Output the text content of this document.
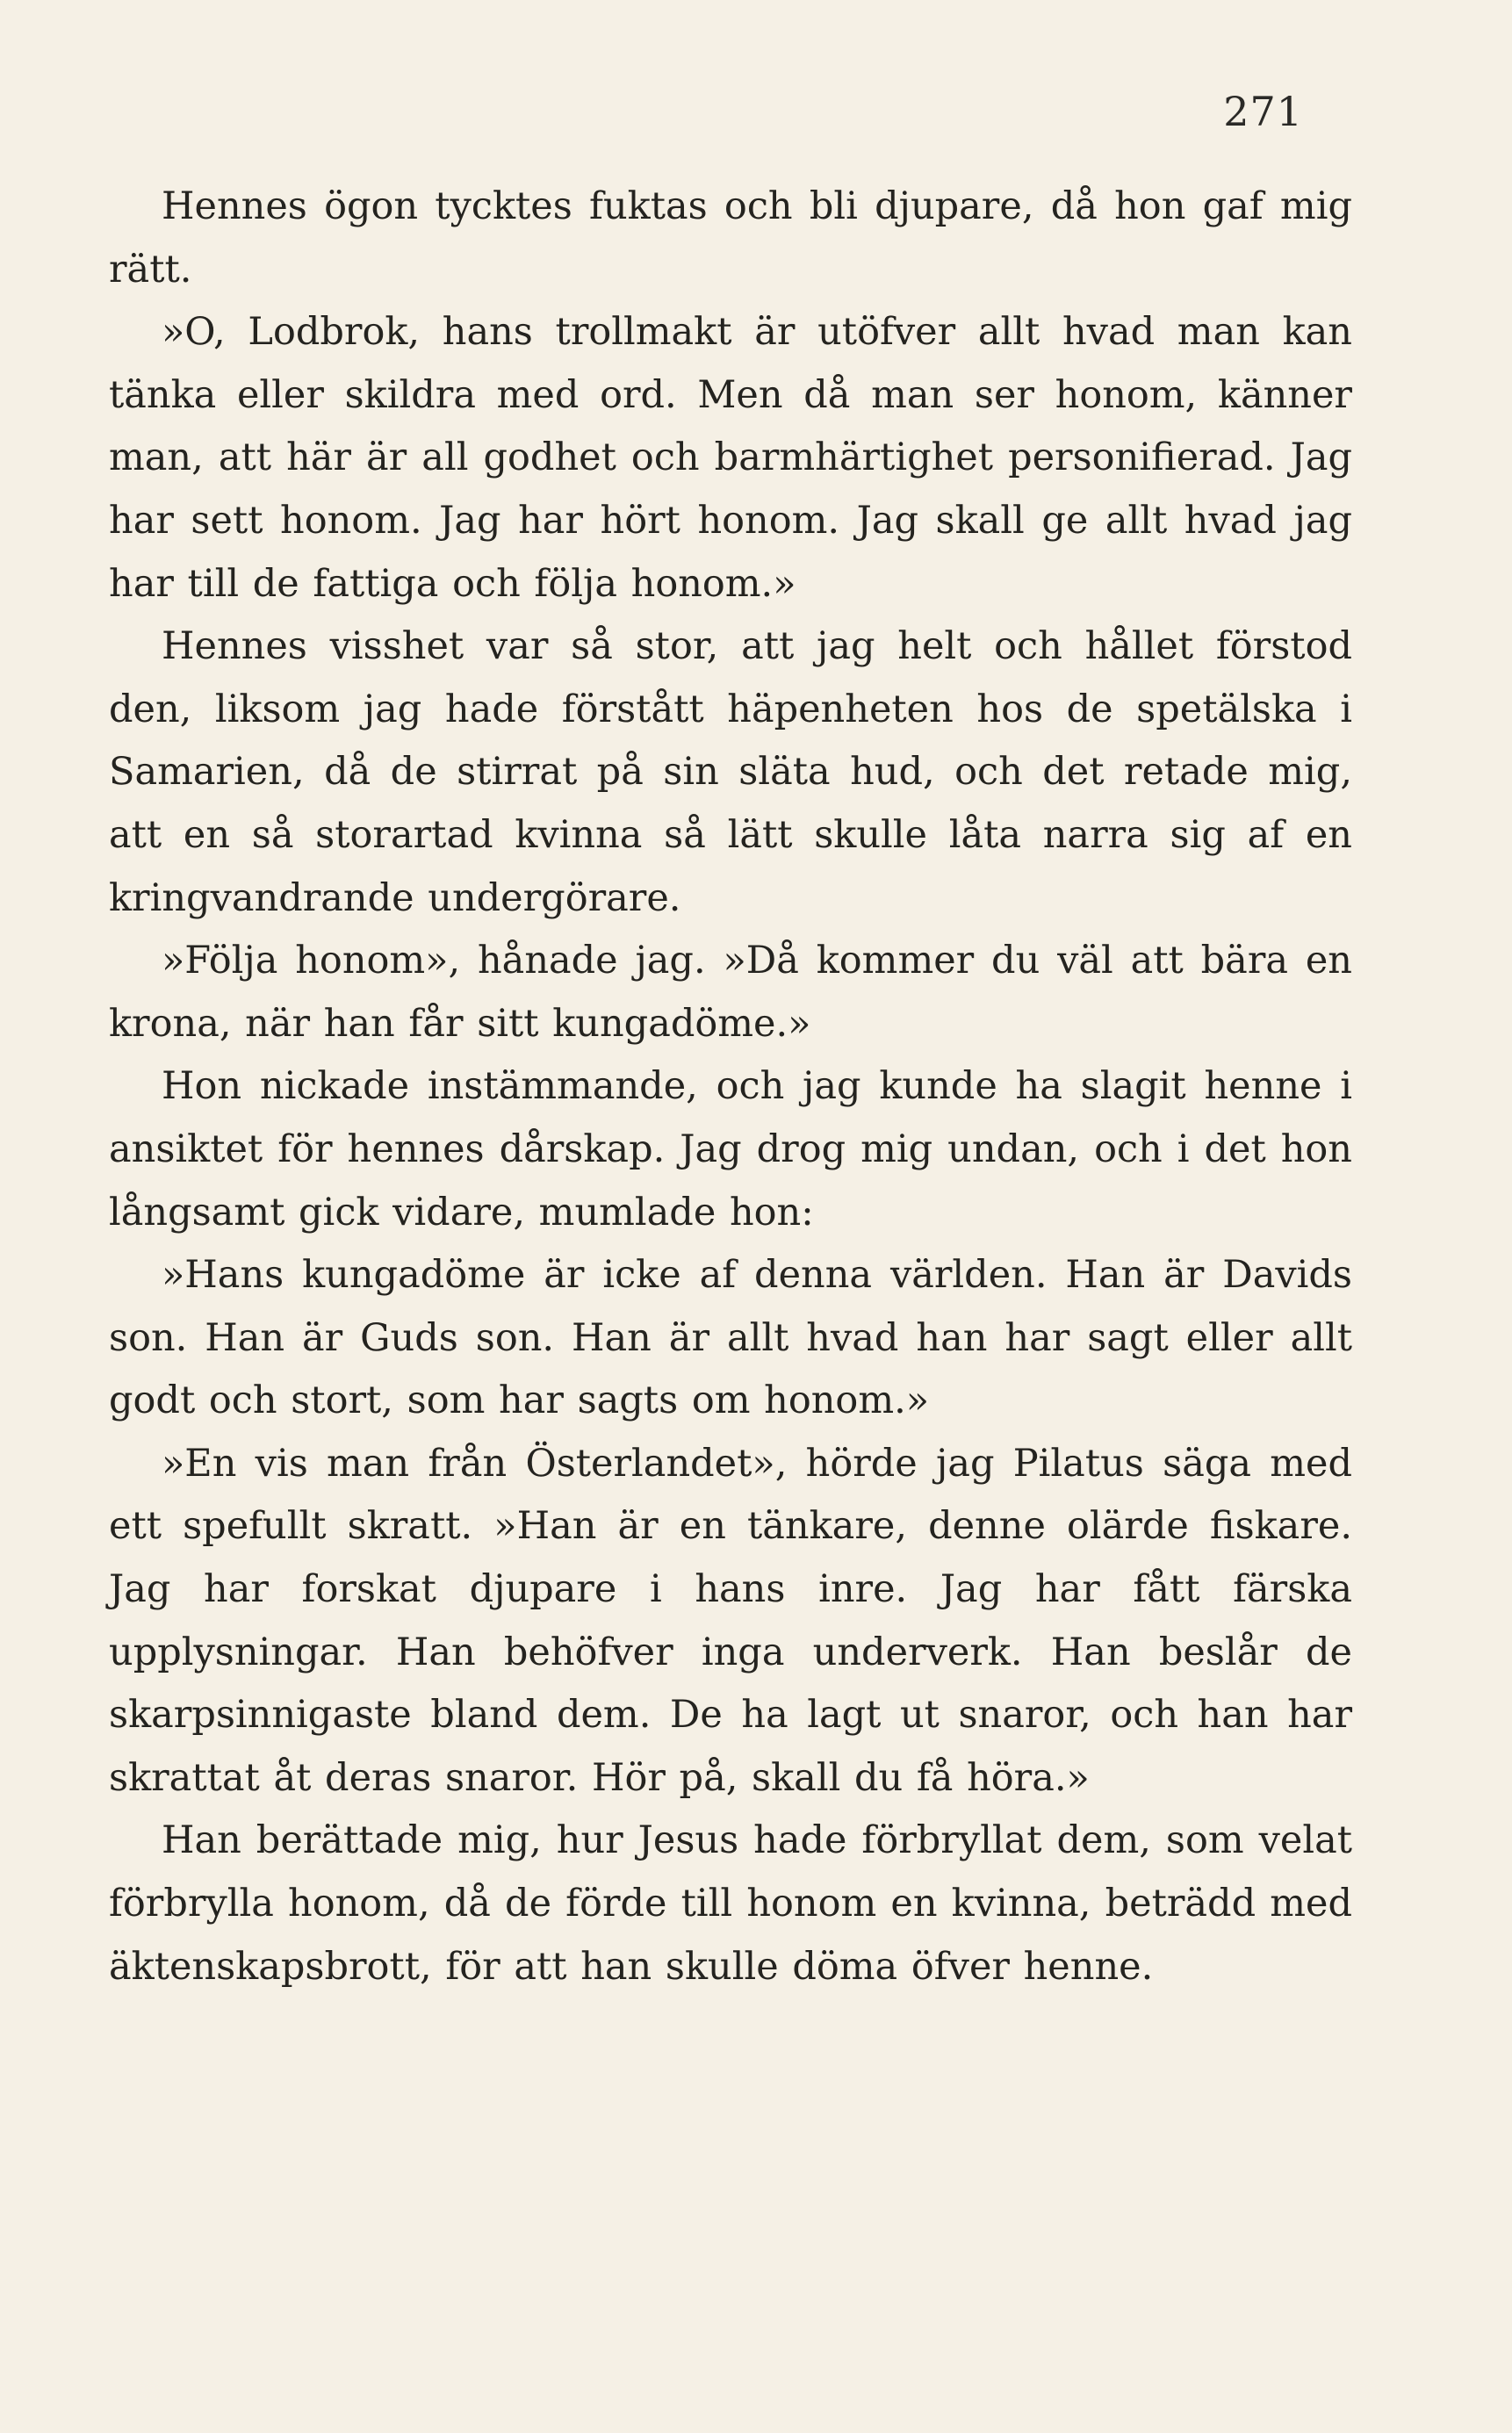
271

Hennes ögon tycktes fuktas och bli djupare, då hon gaf mig rätt.

»O, Lodbrok, hans trollmakt är utöfver allt hvad man kan tänka eller skildra med ord. Men då man ser honom, känner man, att här är all godhet och barmhärtighet personifierad. Jag har sett honom. Jag har hört honom. Jag skall ge allt hvad jag har till de fattiga och följa honom.»

Hennes visshet var så stor, att jag helt och hållet förstod den, liksom jag hade förstått häpenheten hos de spetälska i Samarien, då de stirrat på sin släta hud, och det retade mig, att en så storartad kvinna så lätt skulle låta narra sig af en kringvandrande undergörare.

»Följa honom», hånade jag. »Då kommer du väl att bära en krona, när han får sitt kungadöme.»

Hon nickade instämmande, och jag kunde ha slagit henne i ansiktet för hennes dårskap. Jag drog mig undan, och i det hon långsamt gick vidare, mumlade hon:

»Hans kungadöme är icke af denna världen. Han är Davids son. Han är Guds son. Han är allt hvad han har sagt eller allt godt och stort, som har sagts om honom.»

»En vis man från Österlandet», hörde jag Pilatus säga med ett spefullt skratt. »Han är en tänkare, denne olärde fiskare. Jag har forskat djupare i hans inre. Jag har fått färska upplysningar. Han behöfver inga underverk. Han beslår de skarpsinnigaste bland dem. De ha lagt ut snaror, och han har skrattat åt deras snaror. Hör på, skall du få höra.»

Han berättade mig, hur Jesus hade förbryllat dem, som velat förbrylla honom, då de förde till honom en kvinna, beträdd med äktenskapsbrott, för att han skulle döma öfver henne.
